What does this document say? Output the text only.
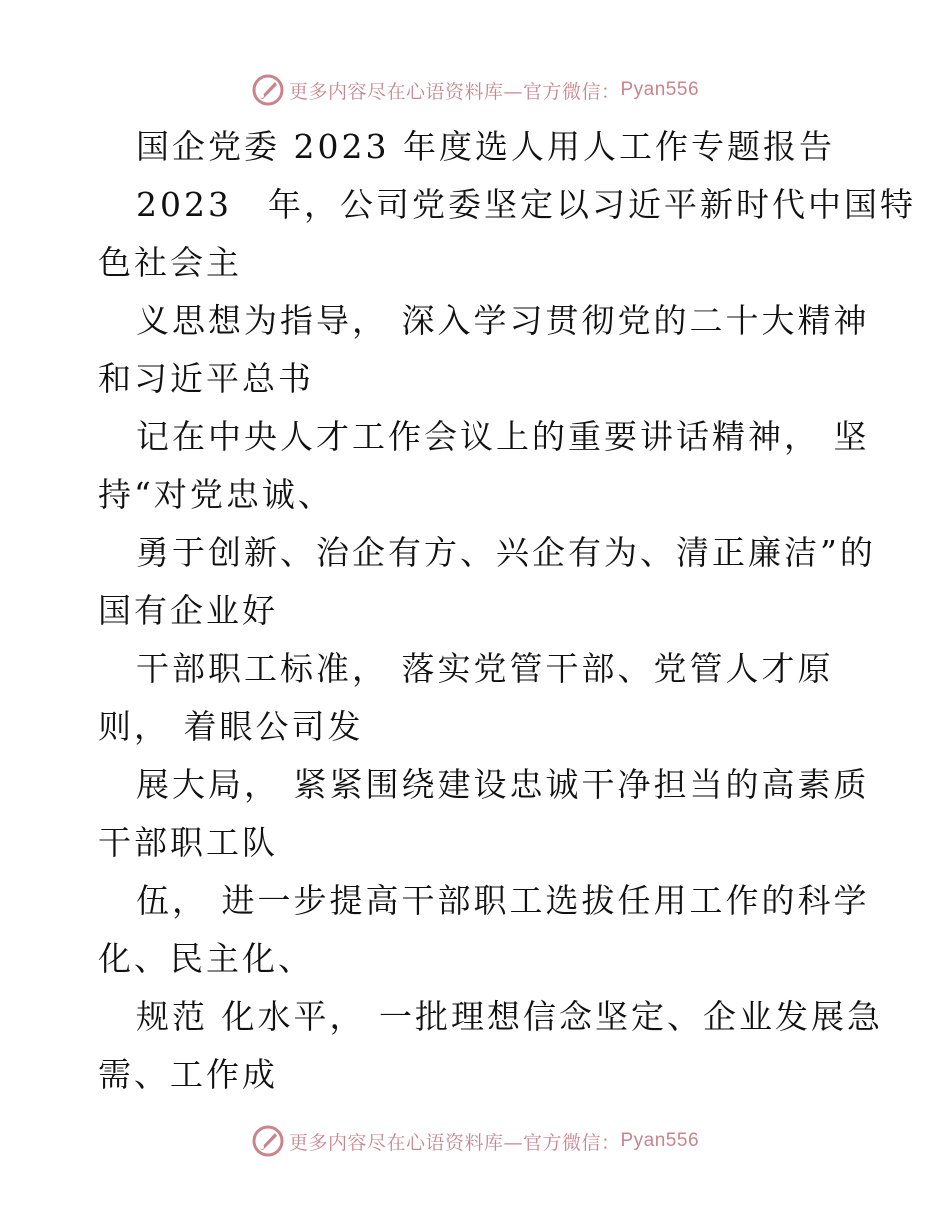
更多内容尽在心语资料库—官方微信： Pyan556
国企党委 2023 年度选人用人工作专题报告
2023　年，公司党委坚定以习近平新时代中国特
色社会主
义思想为指导， 深入学习贯彻党的二十大精神
和习近平总书
记在中央人才工作会议上的重要讲话精神， 坚
持“对党忠诚、
勇于创新、治企有方、兴企有为、清正廉洁”的
国有企业好
干部职工标准， 落实党管干部、党管人才原
则， 着眼公司发
展大局， 紧紧围绕建设忠诚干净担当的高素质
干部职工队
伍， 进一步提高干部职工选拔任用工作的科学
化、民主化、
规范 化水平， 一批理想信念坚定、企业发展急
需、工作成
更多内容尽在心语资料库—官方微信： Pyan556
